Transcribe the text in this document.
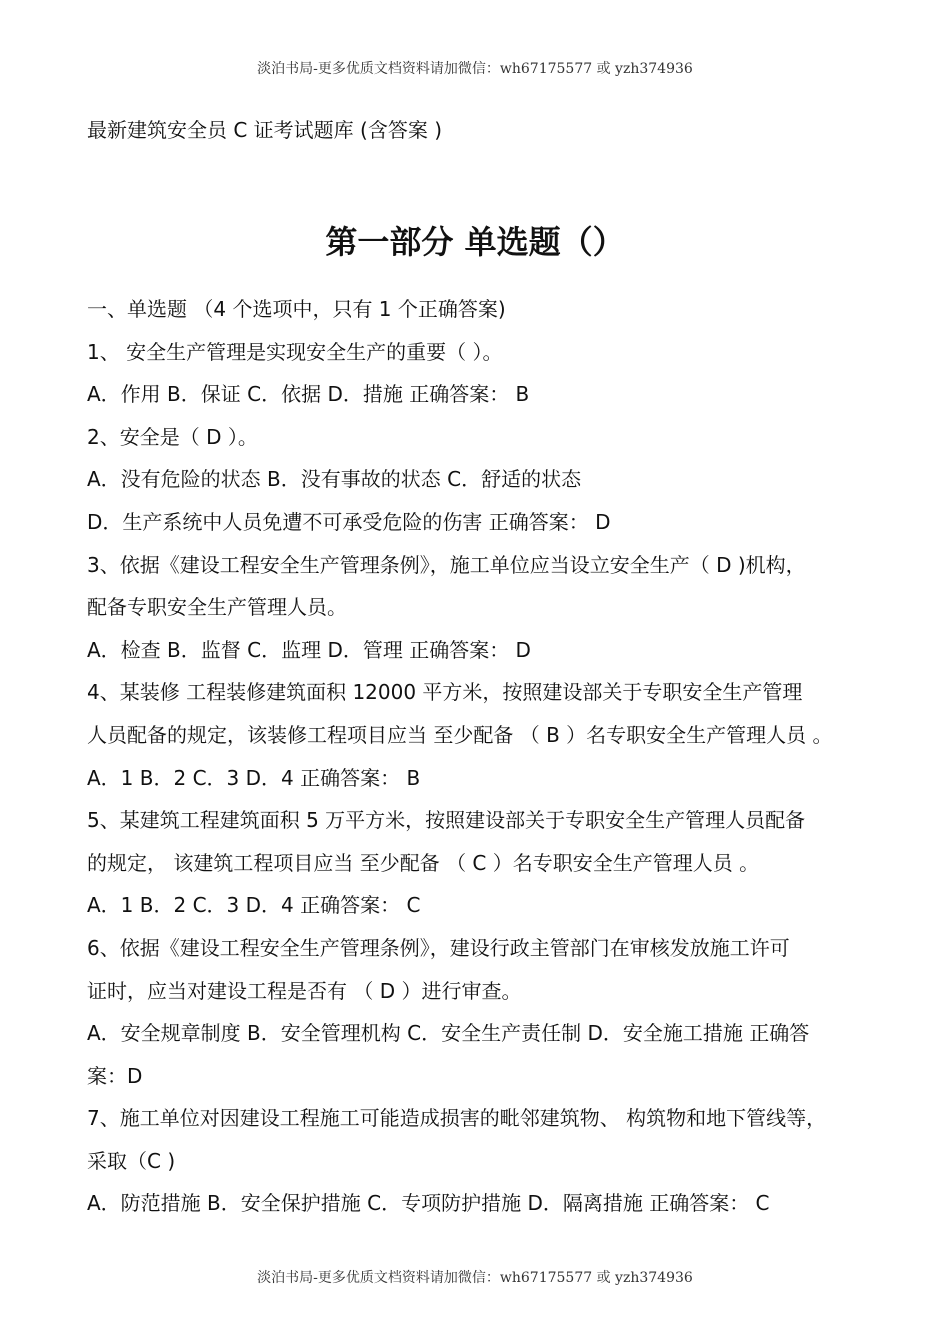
淡泊书局-更多优质文档资料请加微信：wh67175577 或 yzh374936
最新建筑安全员 C 证考试题库 (含答案 )
第一部分 单选题（）
一、单选题 （4 个选项中，只有 1 个正确答案)
1、 安全生产管理是实现安全生产的重要（ ）。
A．作用 B．保证 C．依据 D．措施 正确答案： B
2、安全是（ D ）。
A．没有危险的状态 B．没有事故的状态 C．舒适的状态
D．生产系统中人员免遭不可承受危险的伤害 正确答案： D
3、依据《建设工程安全生产管理条例》，施工单位应当设立安全生产（ D )机构，
配备专职安全生产管理人员。
A．检查 B．监督 C．监理 D．管理 正确答案： D
4、某装修 工程装修建筑面积 12000 平方米，按照建设部关于专职安全生产管理
人员配备的规定，该装修工程项目应当 至少配备 （ B ）名专职安全生产管理人员 。
A．1 B．2 C．3 D．4 正确答案： B
5、某建筑工程建筑面积 5 万平方米，按照建设部关于专职安全生产管理人员配备
的规定， 该建筑工程项目应当 至少配备 （ C ）名专职安全生产管理人员 。
A．1 B．2 C．3 D．4 正确答案： C
6、依据《建设工程安全生产管理条例》，建设行政主管部门在审核发放施工许可
证时，应当对建设工程是否有 （ D ）进行审查。
A．安全规章制度 B．安全管理机构 C．安全生产责任制 D．安全施工措施 正确答
案：D
7、施工单位对因建设工程施工可能造成损害的毗邻建筑物、 构筑物和地下管线等，
采取（C )
A．防范措施 B．安全保护措施 C．专项防护措施 D．隔离措施 正确答案： C
淡泊书局-更多优质文档资料请加微信：wh67175577 或 yzh374936
